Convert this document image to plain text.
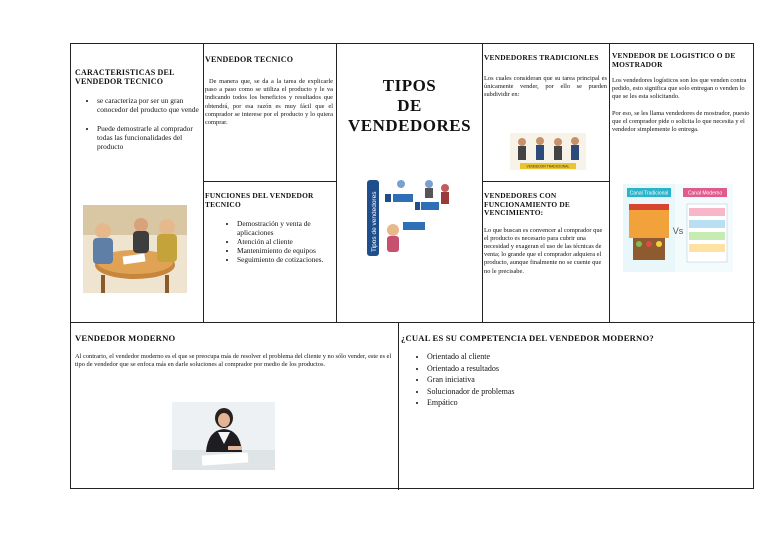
CARACTERISTICAS DEL VENDEDOR TECNICO

• se caracteriza por ser un gran conocedor del producto que vende
• Puede demostrarle al comprador todas las funcionalidades del producto

VENDEDOR TECNICO

De manera que, se da a la tarea de explicarle paso a paso como se utiliza el producto y le va indicando todos los beneficios y resultados que obtendrá, por esa razón es muy fácil que el comprador se interese por el producto y lo quiera comprar.

FUNCIONES DEL VENDEDOR TECNICO

• Demostración y venta de aplicaciones
• Atención al cliente
• Mantenimiento de equipos
• Seguimiento de cotizaciones.
TIPOS
DE
VENDEDORES
Tipos de vendedores

VENDEDORES TRADICIONLES

Los cuales consideran que su tarea principal es únicamente vender, por ello se pueden subdividir en:

VENDEDOR TRADICIONAL

VENDEDORES CON FUNCIONAMIENTO DE VENCIMIENTO:

Lo que buscan es convencer al comprador que el producto es necesario para cubrir una necesidad y exageran el uso de las técnicas de venta; lo grande que el comprador adquiera el producto, aunque finalmente no se cuente que no le precisabe.

VENDEDOR DE LOGISTICO O DE MOSTRADOR

Los vendedores logísticos son los que venden contra pedido, esto significa que solo entregan o venden lo que se les esta solicitando.

Por eso, se les llama vendedores de mostrador, puesto que el comprador pide o solicita lo que necesita y el vendedor simplemente lo entrega.

Canal Tradicional	Canal Moderno
Vs

VENDEDOR MODERNO

Al contrario, el vendedor moderno es el que se preocupa más de resolver el problema del cliente y no sólo vender, este es el tipo de vendedor que se enfoca más en darle soluciones al comprador por medio de los productos.

¿CUAL ES SU COMPETENCIA DEL VENDEDOR MODERNO?

• Orientado al cliente
• Orientado a resultados
• Gran iniciativa
• Solucionador de problemas
• Empático
